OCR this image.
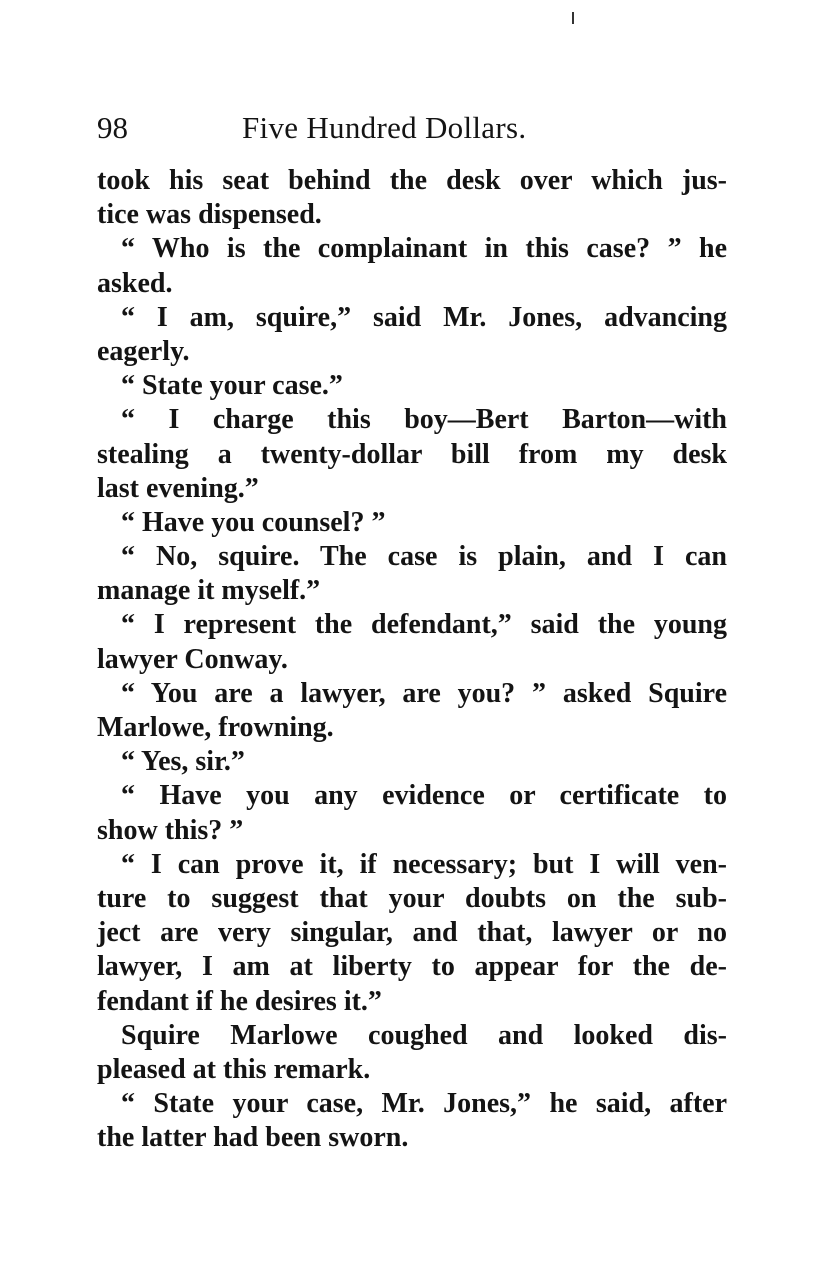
98	Five Hundred Dollars.
took his seat behind the desk over which jus-
tice was dispensed.
“ Who is the complainant in this case? ” he
asked.
“ I am, squire,” said Mr. Jones, advancing
eagerly.
“ State your case.”
“ I charge this boy—Bert Barton—with
stealing a twenty-dollar bill from my desk
last evening.”
“ Have you counsel? ”
“ No, squire. The case is plain, and I can
manage it myself.”
“ I represent the defendant,” said the young
lawyer Conway.
“ You are a lawyer, are you? ” asked Squire
Marlowe, frowning.
“ Yes, sir.”
“ Have you any evidence or certificate to
show this? ”
“ I can prove it, if necessary; but I will ven-
ture to suggest that your doubts on the sub-
ject are very singular, and that, lawyer or no
lawyer, I am at liberty to appear for the de-
fendant if he desires it.”
Squire Marlowe coughed and looked dis-
pleased at this remark.
“ State your case, Mr. Jones,” he said, after
the latter had been sworn.
